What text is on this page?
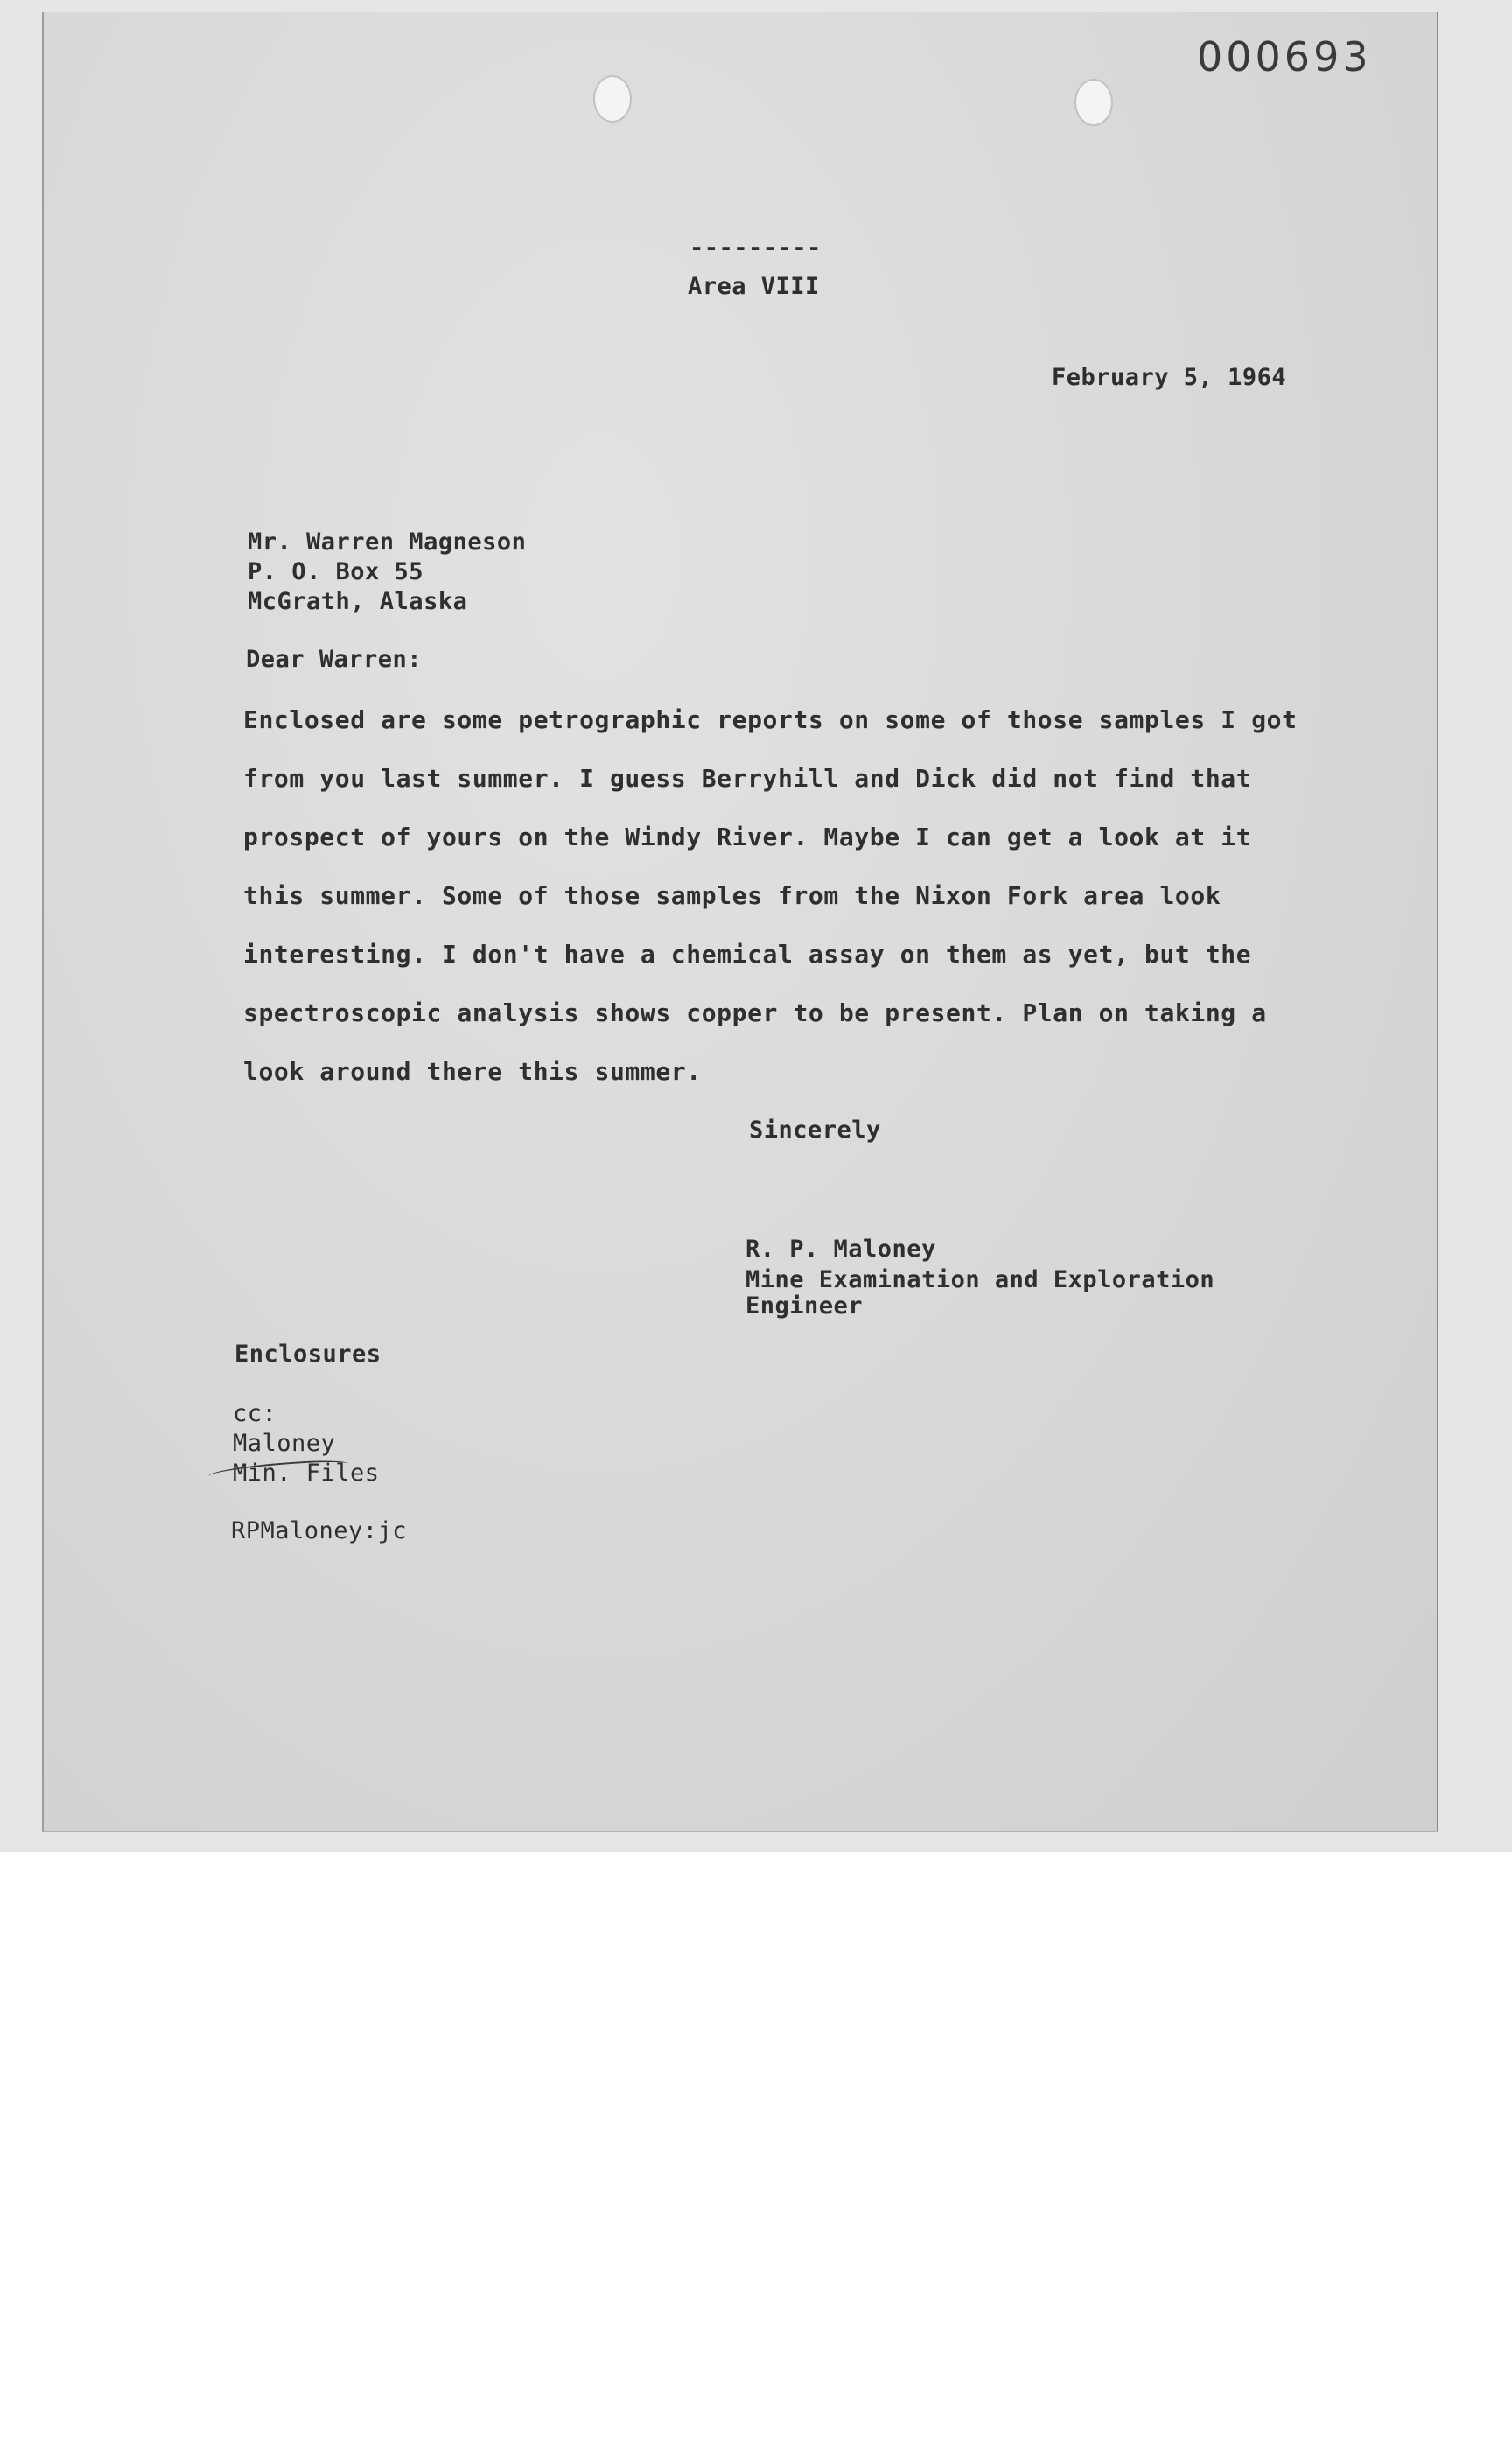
000693
---------
Area VIII
February 5, 1964
Mr. Warren Magneson
P. O. Box 55
McGrath, Alaska
Dear Warren:
Enclosed are some petrographic reports on some of those samples I got
from you last summer. I guess Berryhill and Dick did not find that
prospect of yours on the Windy River. Maybe I can get a look at it
this summer. Some of those samples from the Nixon Fork area look
interesting. I don't have a chemical assay on them as yet, but the
spectroscopic analysis shows copper to be present. Plan on taking a
look around there this summer.
Sincerely
R. P. Maloney
Mine Examination and Exploration
Engineer
Enclosures
cc:
Maloney
Min. Files
RPMaloney:jc
